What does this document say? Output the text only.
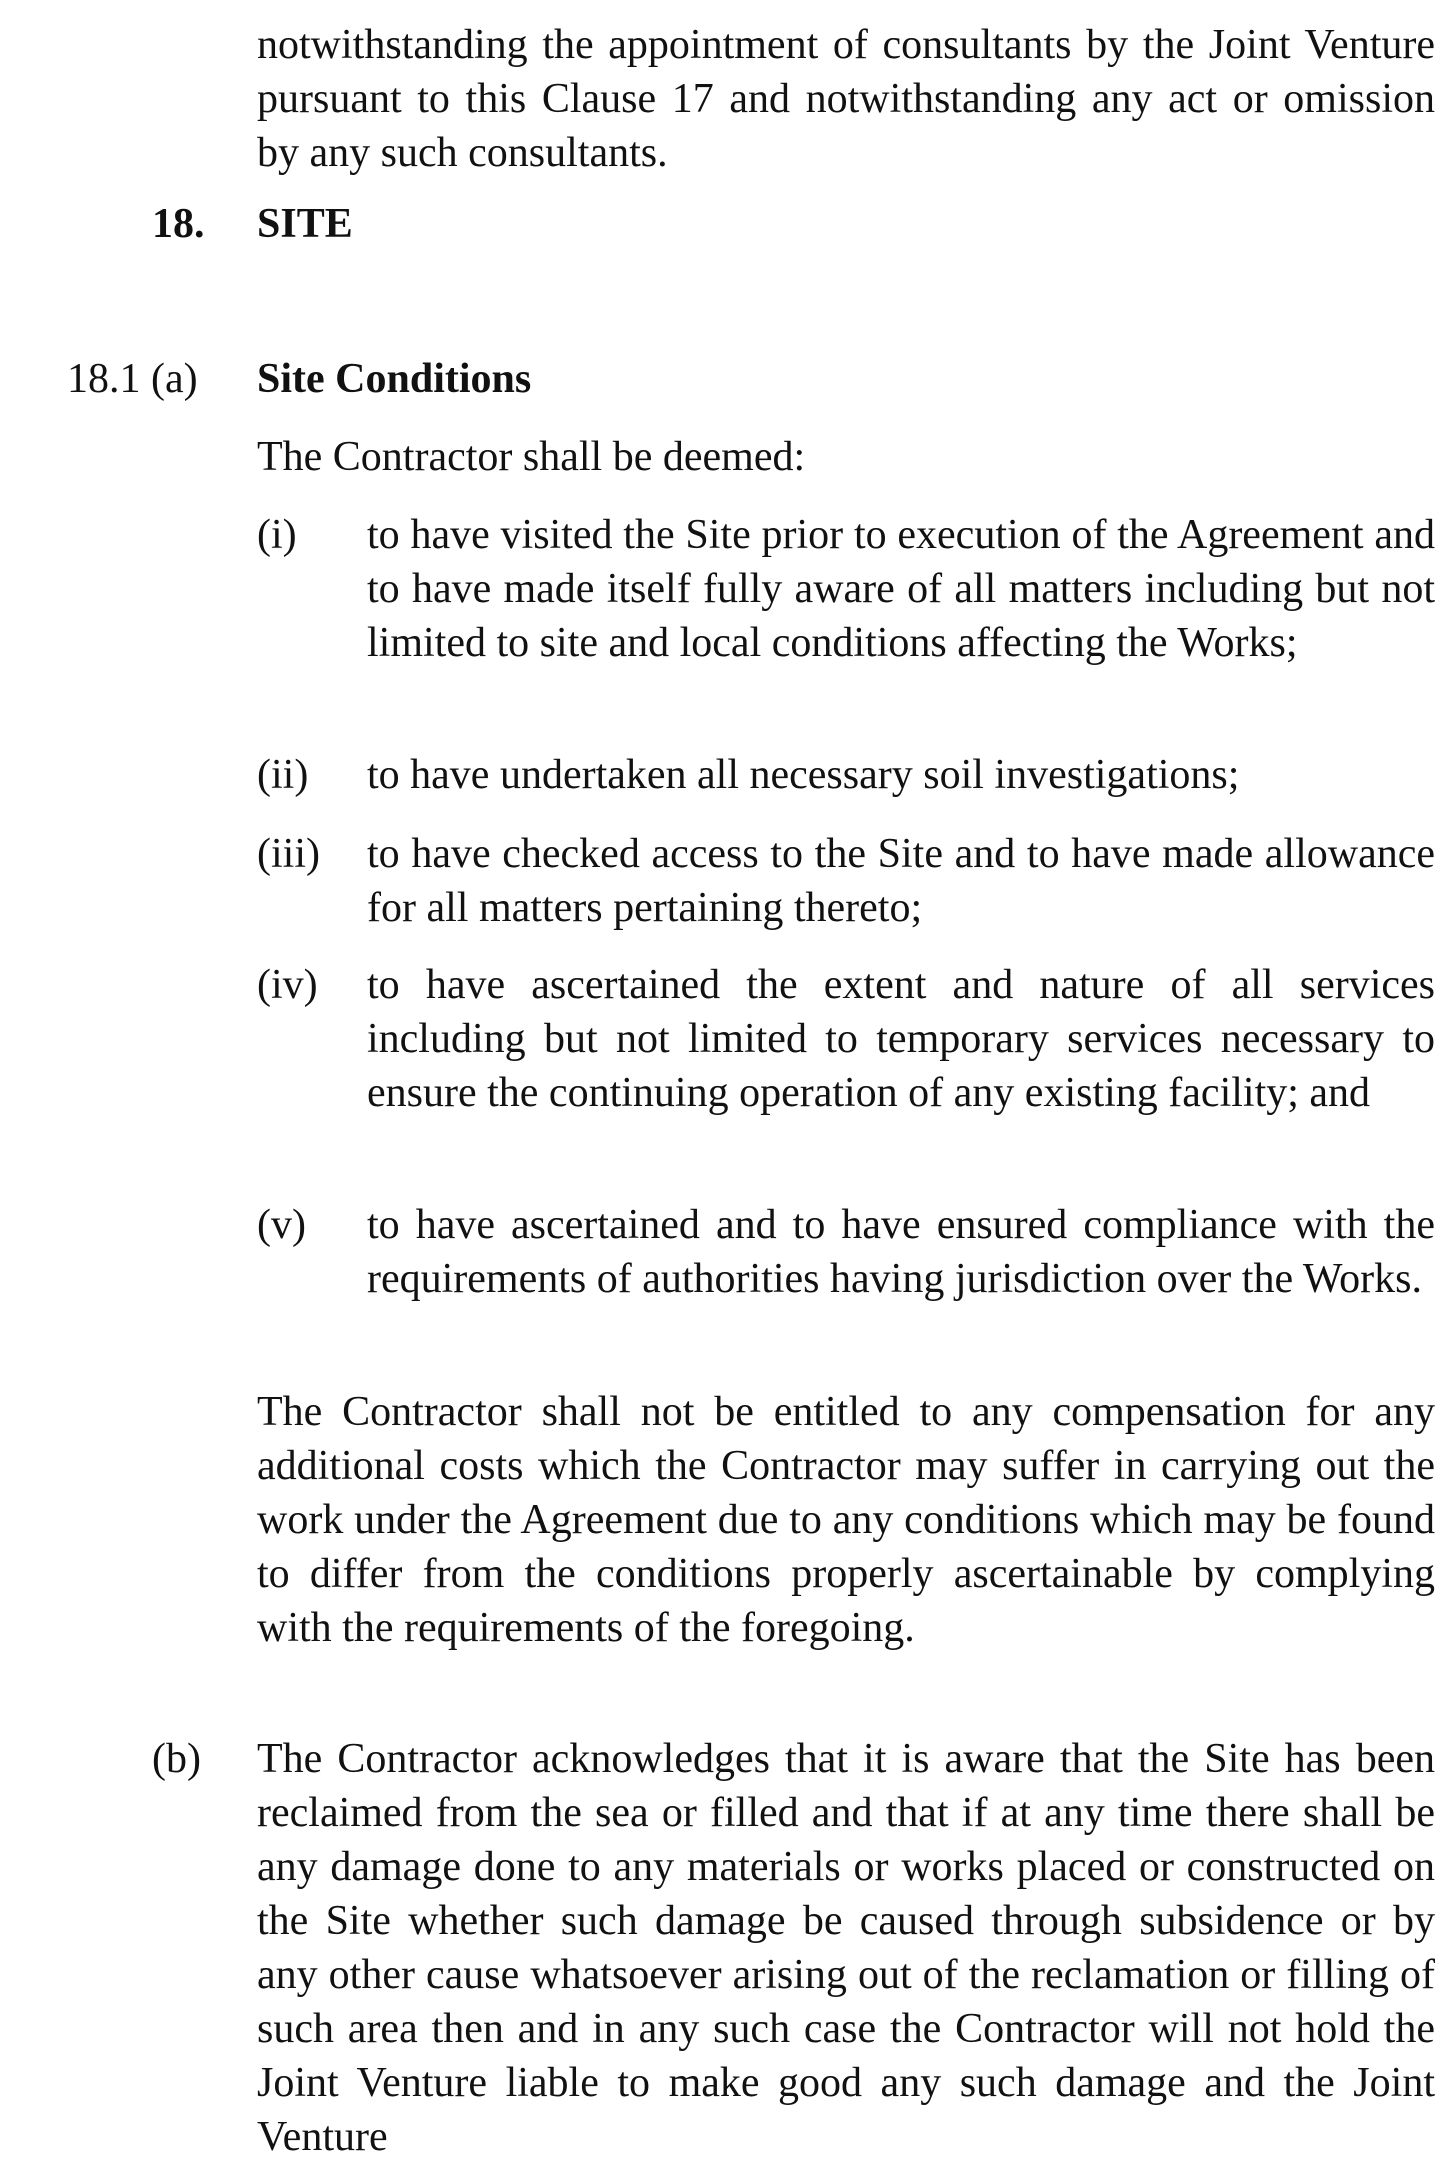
notwithstanding the appointment of consultants by the Joint Venture pursuant to this Clause 17 and notwithstanding any act or omission by any such consultants.
18. SITE
18.1 (a) Site Conditions
The Contractor shall be deemed:
(i) to have visited the Site prior to execution of the Agreement and to have made itself fully aware of all matters including but not limited to site and local conditions affecting the Works;
(ii) to have undertaken all necessary soil investigations;
(iii) to have checked access to the Site and to have made allowance for all matters pertaining thereto;
(iv) to have ascertained the extent and nature of all services including but not limited to temporary services necessary to ensure the continuing operation of any existing facility; and
(v) to have ascertained and to have ensured compliance with the requirements of authorities having jurisdiction over the Works.
The Contractor shall not be entitled to any compensation for any additional costs which the Contractor may suffer in carrying out the work under the Agreement due to any conditions which may be found to differ from the conditions properly ascertainable by complying with the requirements of the foregoing.
(b) The Contractor acknowledges that it is aware that the Site has been reclaimed from the sea or filled and that if at any time there shall be any damage done to any materials or works placed or constructed on the Site whether such damage be caused through subsidence or by any other cause whatsoever arising out of the reclamation or filling of such area then and in any such case the Contractor will not hold the Joint Venture liable to make good any such damage and the Joint Venture
